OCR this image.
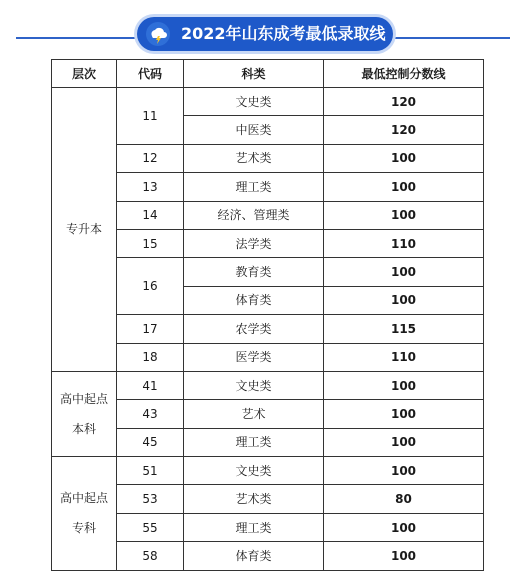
2022年山东成考最低录取线
层次	代码	科类	最低控制分数线

专升本	11	文史类	120
		中医类	120
	12	艺术类	100
	13	理工类	100
	14	经济、管理类	100
	15	法学类	110
	16	教育类	100
		体育类	100
	17	农学类	115
	18	医学类	110

高中起点
本科	41	文史类	100
	43	艺术	100
	45	理工类	100

高中起点
专科	51	文史类	100
	53	艺术类	80
	55	理工类	100
	58	体育类	100
